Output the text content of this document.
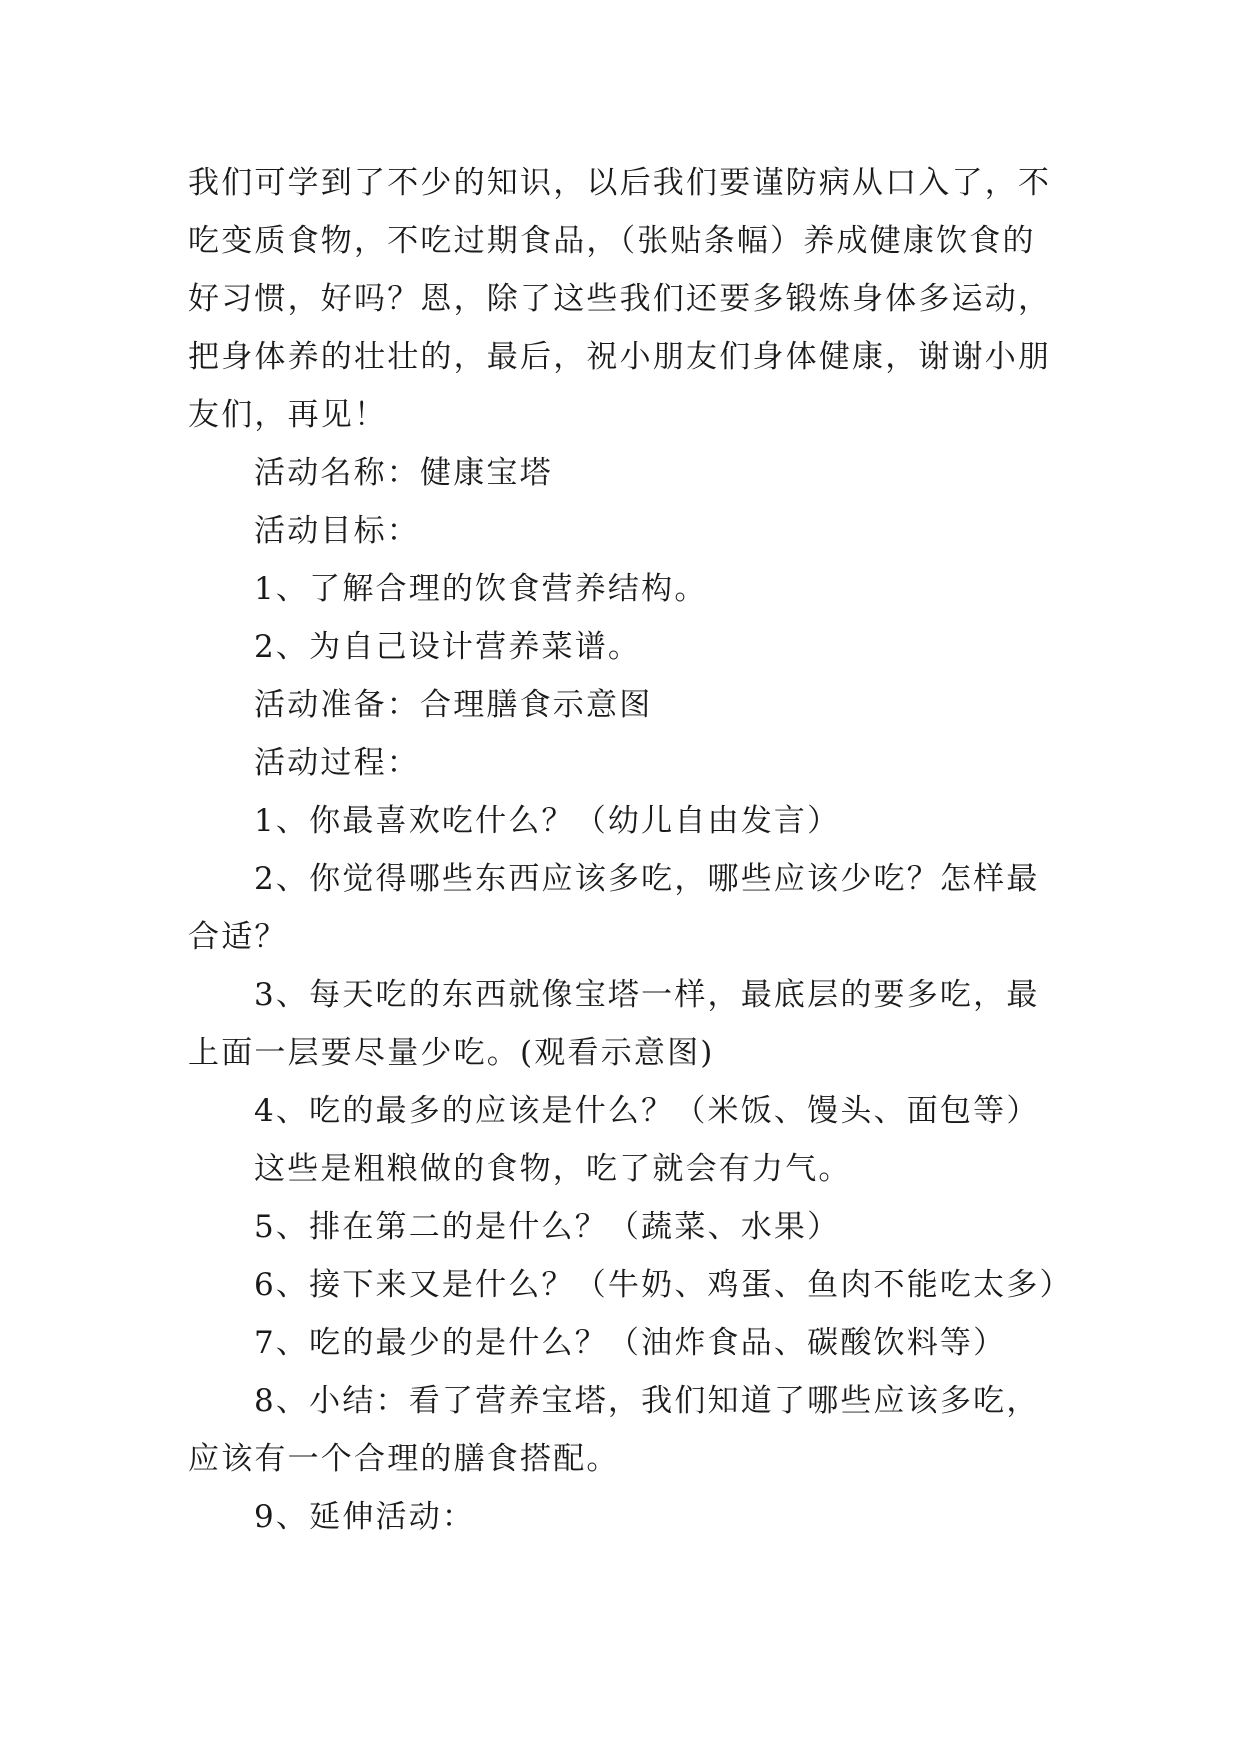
我们可学到了不少的知识，以后我们要谨防病从口入了，不
吃变质食物，不吃过期食品，（张贴条幅）养成健康饮食的
好习惯，好吗？恩，除了这些我们还要多锻炼身体多运动，
把身体养的壮壮的，最后，祝小朋友们身体健康，谢谢小朋
友们，再见！
活动名称：健康宝塔
活动目标：
1、了解合理的饮食营养结构。
2、为自己设计营养菜谱。
活动准备：合理膳食示意图
活动过程：
1、你最喜欢吃什么？（幼儿自由发言）
2、你觉得哪些东西应该多吃，哪些应该少吃？怎样最
合适？
3、每天吃的东西就像宝塔一样，最底层的要多吃，最
上面一层要尽量少吃。(观看示意图)
4、吃的最多的应该是什么？（米饭、馒头、面包等）
这些是粗粮做的食物，吃了就会有力气。
5、排在第二的是什么？（蔬菜、水果）
6、接下来又是什么？（牛奶、鸡蛋、鱼肉不能吃太多）
7、吃的最少的是什么？（油炸食品、碳酸饮料等）
8、小结：看了营养宝塔，我们知道了哪些应该多吃，
应该有一个合理的膳食搭配。
9、延伸活动：
